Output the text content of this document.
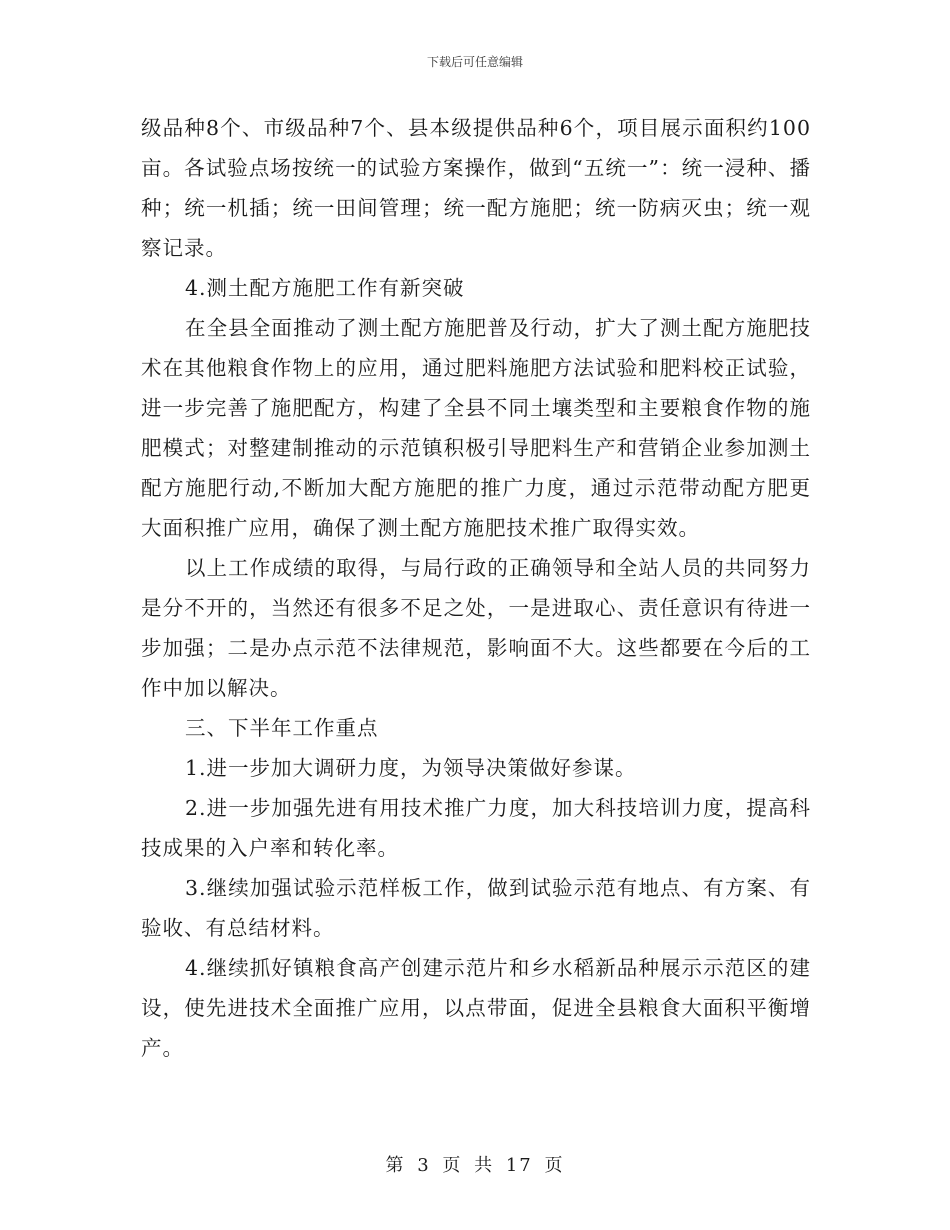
下载后可任意编辑

级品种8个、市级品种7个、县本级提供品种6个，项目展示面积约100亩。各试验点场按统一的试验方案操作，做到“五统一”：统一浸种、播种；统一机插；统一田间管理；统一配方施肥；统一防病灭虫；统一观察记录。

4.测土配方施肥工作有新突破

在全县全面推动了测土配方施肥普及行动，扩大了测土配方施肥技术在其他粮食作物上的应用，通过肥料施肥方法试验和肥料校正试验，进一步完善了施肥配方，构建了全县不同土壤类型和主要粮食作物的施肥模式；对整建制推动的示范镇积极引导肥料生产和营销企业参加测土配方施肥行动,不断加大配方施肥的推广力度，通过示范带动配方肥更大面积推广应用，确保了测土配方施肥技术推广取得实效。

以上工作成绩的取得，与局行政的正确领导和全站人员的共同努力是分不开的，当然还有很多不足之处，一是进取心、责任意识有待进一步加强；二是办点示范不法律规范，影响面不大。这些都要在今后的工作中加以解决。

三、下半年工作重点

1.进一步加大调研力度，为领导决策做好参谋。

2.进一步加强先进有用技术推广力度，加大科技培训力度，提高科技成果的入户率和转化率。

3.继续加强试验示范样板工作，做到试验示范有地点、有方案、有验收、有总结材料。

4.继续抓好镇粮食高产创建示范片和乡水稻新品种展示示范区的建设，使先进技术全面推广应用，以点带面，促进全县粮食大面积平衡增产。

第 3 页 共 17 页
